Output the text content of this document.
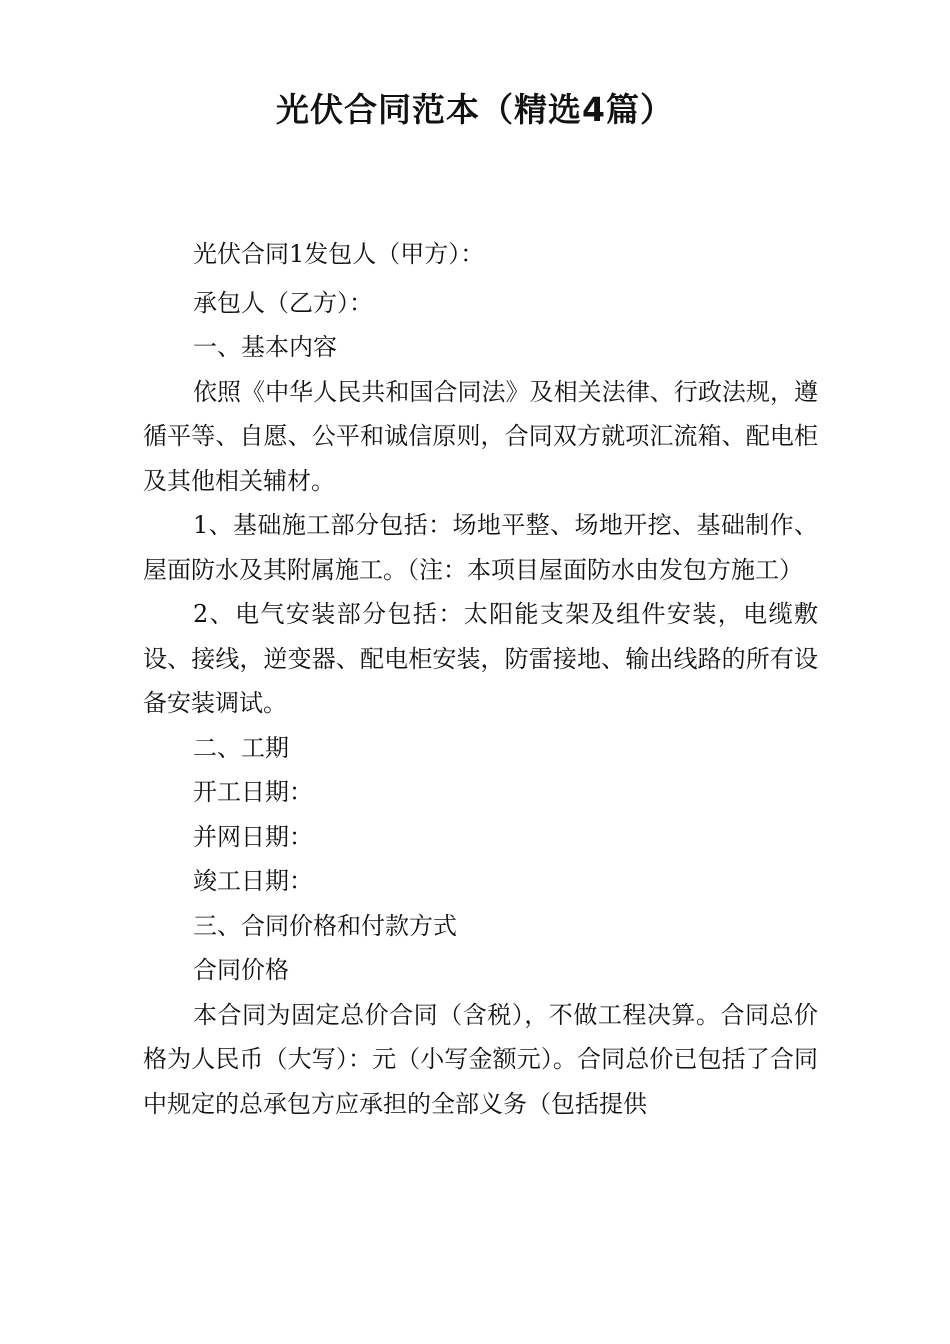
光伏合同范本（精选4篇）

光伏合同1发包人（甲方）：

承包人（乙方）：

一、基本内容

依照《中华人民共和国合同法》及相关法律、行政法规，遵循平等、自愿、公平和诚信原则，合同双方就项汇流箱、配电柜及其他相关辅材。

1、基础施工部分包括：场地平整、场地开挖、基础制作、屋面防水及其附属施工。（注：本项目屋面防水由发包方施工）

2、电气安装部分包括：太阳能支架及组件安装，电缆敷设、接线，逆变器、配电柜安装，防雷接地、输出线路的所有设备安装调试。

二、工期

开工日期：

并网日期：

竣工日期：

三、合同价格和付款方式

合同价格

本合同为固定总价合同（含税），不做工程决算。合同总价格为人民币（大写）：元（小写金额元）。合同总价已包括了合同中规定的总承包方应承担的全部义务（包括提供
